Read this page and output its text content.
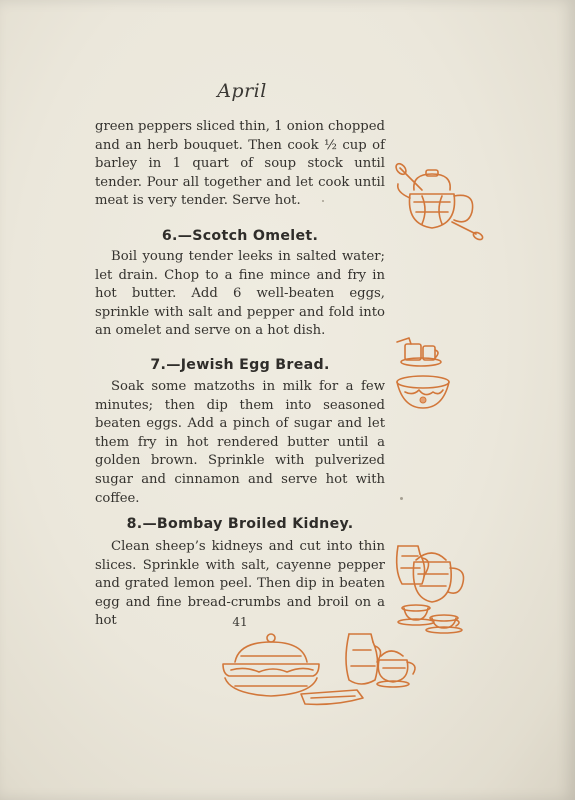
April

green peppers sliced thin, 1 onion chopped and an herb bouquet. Then cook ½ cup of barley in 1 quart of soup stock until tender. Pour all together and let cook until meat is very tender. Serve hot.

6.—Scotch Omelet.

Boil young tender leeks in salted water; let drain. Chop to a fine mince and fry in hot butter. Add 6 well-beaten eggs, sprinkle with salt and pepper and fold into an omelet and serve on a hot dish.

7.—Jewish Egg Bread.

Soak some matzoths in milk for a few minutes; then dip them into seasoned beaten eggs. Add a pinch of sugar and let them fry in hot rendered butter until a golden brown. Sprinkle with pulverized sugar and cinnamon and serve hot with coffee.

8.—Bombay Broiled Kidney.

Clean sheep’s kidneys and cut into thin slices. Sprinkle with salt, cayenne pepper and grated lemon peel. Then dip in beaten egg and fine bread-crumbs and broil on a hot	41
